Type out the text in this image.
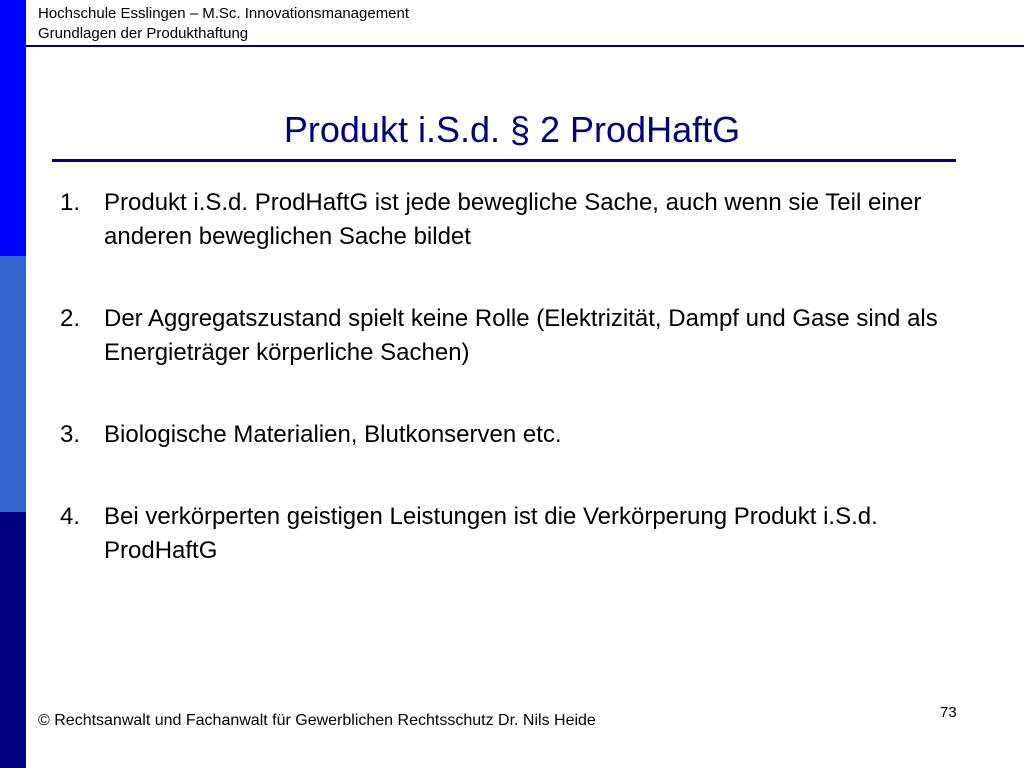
Hochschule Esslingen – M.Sc. Innovationsmanagement
Grundlagen der Produkthaftung
Produkt i.S.d. § 2 ProdHaftG
1. Produkt i.S.d. ProdHaftG ist jede bewegliche Sache, auch wenn sie Teil einer anderen beweglichen Sache bildet
2. Der Aggregatszustand spielt keine Rolle (Elektrizität, Dampf und Gase sind als Energieträger körperliche Sachen)
3. Biologische Materialien, Blutkonserven etc.
4. Bei verkörperten geistigen Leistungen ist die Verkörperung Produkt i.S.d. ProdHaftG
73
© Rechtsanwalt und Fachanwalt für Gewerblichen Rechtsschutz Dr. Nils Heide
